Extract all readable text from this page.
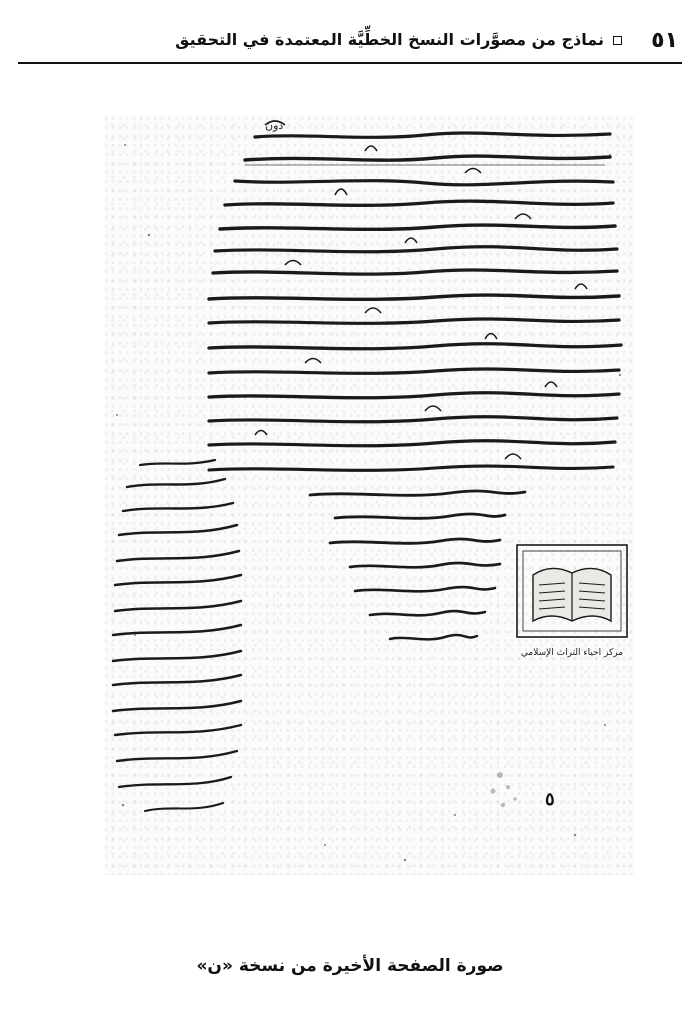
٥١
نماذج من مصوَّرات النسخ الخطِّيَّة المعتمدة في التحقيق
دون
مركز احياء التراث الإسلامي
٥
صورة الصفحة الأخيرة من نسخة «ن»
